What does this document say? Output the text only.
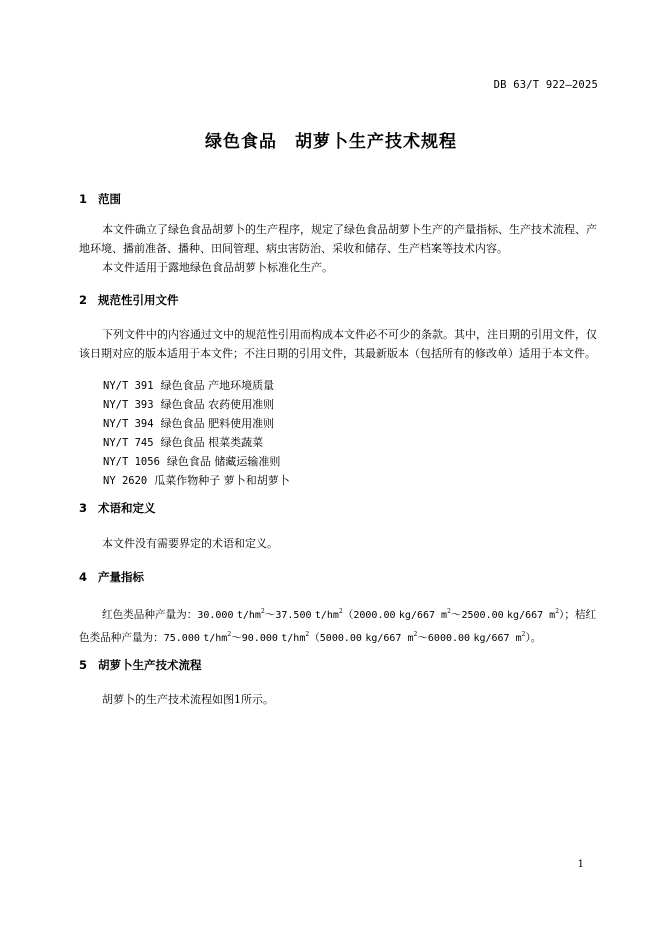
DB 63/T 922—2025
绿色食品　胡萝卜生产技术规程
1 范围

本文件确立了绿色食品胡萝卜的生产程序，规定了绿色食品胡萝卜生产的产量指标、生产技术流程、产地环境、播前准备、播种、田间管理、病虫害防治、采收和储存、生产档案等技术内容。

本文件适用于露地绿色食品胡萝卜标准化生产。

2 规范性引用文件

下列文件中的内容通过文中的规范性引用而构成本文件必不可少的条款。其中，注日期的引用文件，仅该日期对应的版本适用于本文件；不注日期的引用文件，其最新版本（包括所有的修改单）适用于本文件。

NY/T 391 绿色食品 产地环境质量
NY/T 393 绿色食品 农药使用准则
NY/T 394 绿色食品 肥料使用准则
NY/T 745 绿色食品 根菜类蔬菜
NY/T 1056 绿色食品 储藏运输准则
NY 2620 瓜菜作物种子 萝卜和胡萝卜
3 术语和定义

本文件没有需要界定的术语和定义。

4 产量指标
红色类品种产量为：30.000 $t/hm^2\sim 37.500$ $t/hm^2(2000.00$ kg/667 $m^2\sim 2500.00$ kg/667 $m^2$）；桔红
色类品种产量为：75.000 $t/hm^2\sim 90.000$ $t/hm^2(5000.00$ kg/667 $m^2\sim 6000.00$ kg/667 $m^2$）。
5 胡萝卜生产技术流程

胡萝卜的生产技术流程如图1所示。

1
